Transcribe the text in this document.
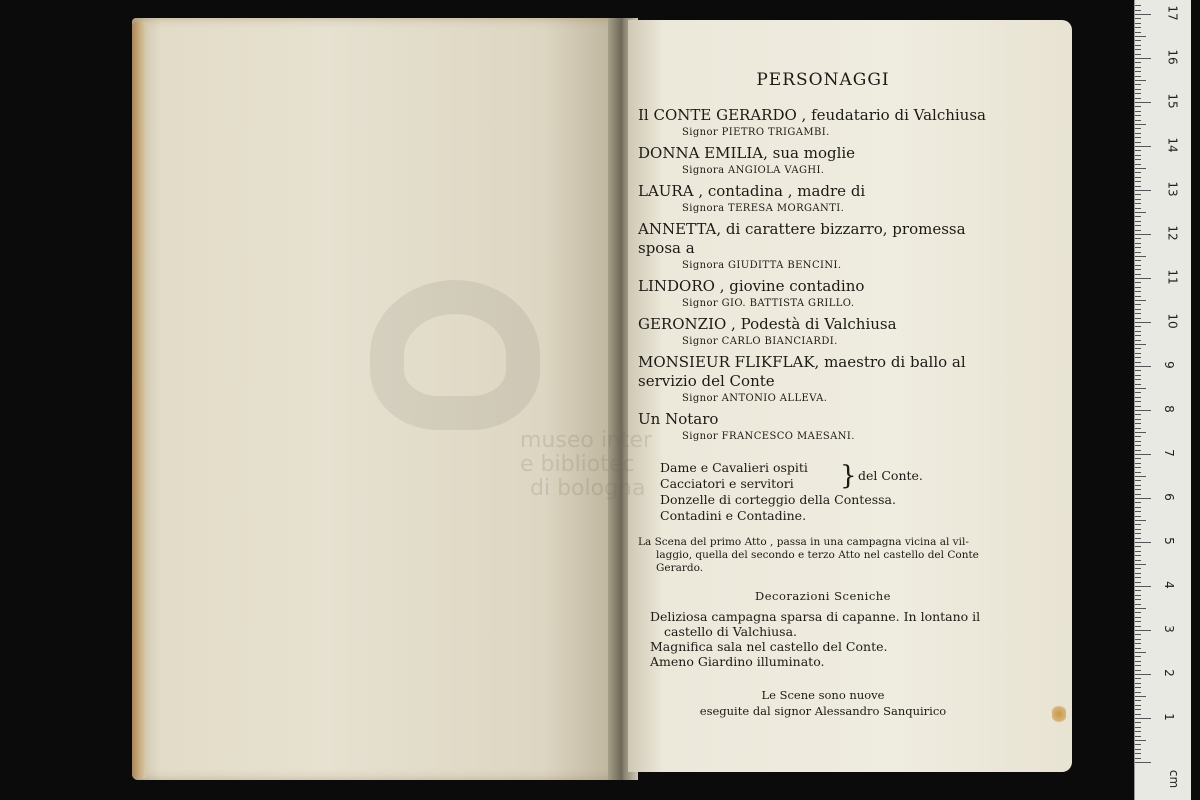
museo inter
e bibliotec
di bologna

PERSONAGGI

Il CONTE GERARDO , feudatario di Valchiusa

Signor PIETRO TRIGAMBI.

DONNA EMILIA, sua moglie

Signora ANGIOLA VAGHI.

LAURA , contadina , madre di

Signora TERESA MORGANTI.

ANNETTA, di carattere bizzarro, promessa sposa a

Signora GIUDITTA BENCINI.

LINDORO , giovine contadino

Signor GIO. BATTISTA GRILLO.

GERONZIO , Podestà di Valchiusa

Signor CARLO BIANCIARDI.

MONSIEUR FLIKFLAK, maestro di ballo al servizio del Conte

Signor ANTONIO ALLEVA.

Un Notaro

Signor FRANCESCO MAESANI.

Dame e Cavalieri ospiti
Cacciatori e servitori	} del Conte.
Donzelle di corteggio della Contessa.
Contadini e Contadine.

La Scena del primo Atto , passa in una campagna vicina al vil-
laggio, quella del secondo e terzo Atto nel castello del Conte
Gerardo.

Decorazioni Sceniche

Deliziosa campagna sparsa di capanne. In lontano il

castello di Valchiusa.

Magnifica sala nel castello del Conte.

Ameno Giardino illuminato.

Le Scene sono nuove
eseguite dal signor Alessandro Sanquirico

cm
1
2
3
4
5
6
7
8
9
10
11
12
13
14
15
16
17
